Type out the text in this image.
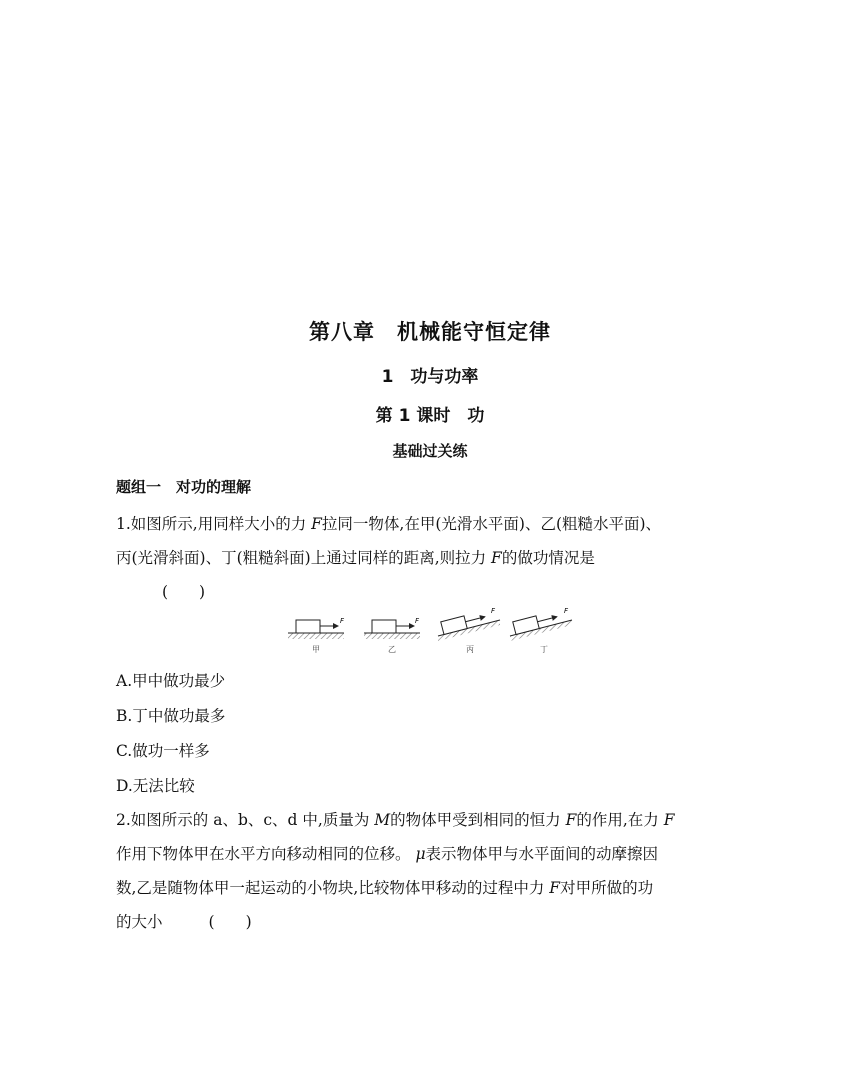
第八章　机械能守恒定律
1　功与功率
第 1 课时　功
基础过关练
题组一　对功的理解
1.如图所示,用同样大小的力 F拉同一物体,在甲(光滑水平面)、乙(粗糙水平面)、
丙(光滑斜面)、丁(粗糙斜面)上通过同样的距离,则拉力 F的做功情况是
(　　)
F
甲
F
乙
F
丙
F
丁
A.甲中做功最少
B.丁中做功最多
C.做功一样多
D.无法比较
2.如图所示的 a、b、c、d 中,质量为 M的物体甲受到相同的恒力 F的作用,在力 F
作用下物体甲在水平方向移动相同的位移。 μ表示物体甲与水平面间的动摩擦因
数,乙是随物体甲一起运动的小物块,比较物体甲移动的过程中力 F对甲所做的功
的大小	(　　)
